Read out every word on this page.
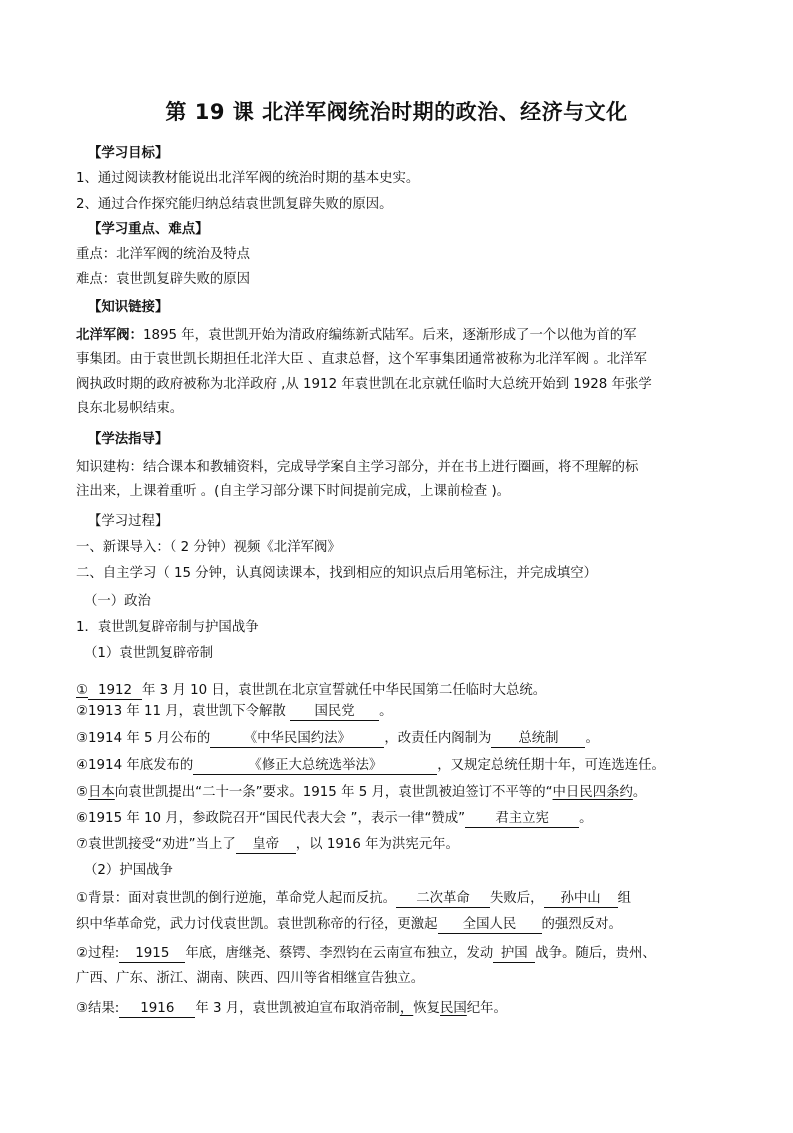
第 19 课 北洋军阀统治时期的政治、经济与文化
【学习目标】
1、通过阅读教材能说出北洋军阀的统治时期的基本史实。
2、通过合作探究能归纳总结袁世凯复辟失败的原因。
【学习重点、难点】
重点：北洋军阀的统治及特点
难点：袁世凯复辟失败的原因
【知识链接】
北洋军阀：1895 年，袁世凯开始为清政府编练新式陆军。后来，逐渐形成了一个以他为首的军
事集团。由于袁世凯长期担任北洋大臣 、直隶总督，这个军事集团通常被称为北洋军阀 。北洋军
阀执政时期的政府被称为北洋政府 ,从 1912 年袁世凯在北京就任临时大总统开始到 1928 年张学
良东北易帜结束。
【学法指导】
知识建构：结合课本和教辅资料，完成导学案自主学习部分，并在书上进行圈画，将不理解的标
注出来，上课着重听 。(自主学习部分课下时间提前完成，上课前检查 )。
【学习过程】
一、新课导入：（ 2 分钟）视频《北洋军阀》
二、自主学习（ 15 分钟，认真阅读课本，找到相应的知识点后用笔标注，并完成填空）
（一）政治
1．袁世凯复辟帝制与护国战争
（1）袁世凯复辟帝制
① 1912 年 3 月 10 日，袁世凯在北京宣誓就任中华民国第二任临时大总统。
②1913 年 11 月，袁世凯下令解散 国民党 。
③1914 年 5 月公布的 《中华民国约法》 ，改责任内阁制为 总统制 。
④1914 年底发布的	《修正大总统选举法》	，又规定总统任期十年，可连选连任。
⑤日本向袁世凯提出“二十一条”要求。1915 年 5 月，袁世凯被迫签订不平等的“中日民四条约。
⑥1915 年 10 月，参政院召开“国民代表大会 ”，表示一律“赞成” 君主立宪 。
⑦袁世凯接受“劝进”当上了 皇帝 ，以 1916 年为洪宪元年。
（2）护国战争
①背景：面对袁世凯的倒行逆施，革命党人起而反抗。 二次革命 失败后， 孙中山 组
织中华革命党，武力讨伐袁世凯。袁世凯称帝的行径，更激起 全国人民 的强烈反对。
②过程: 1915 年底，唐继尧、蔡锷、李烈钧在云南宣布独立，发动 护国 战争。随后，贵州、
广西、广东、浙江、湖南、陕西、四川等省相继宣告独立。
③结果: 1916 年 3 月，袁世凯被迫宣布取消帝制，恢复民国纪年。
